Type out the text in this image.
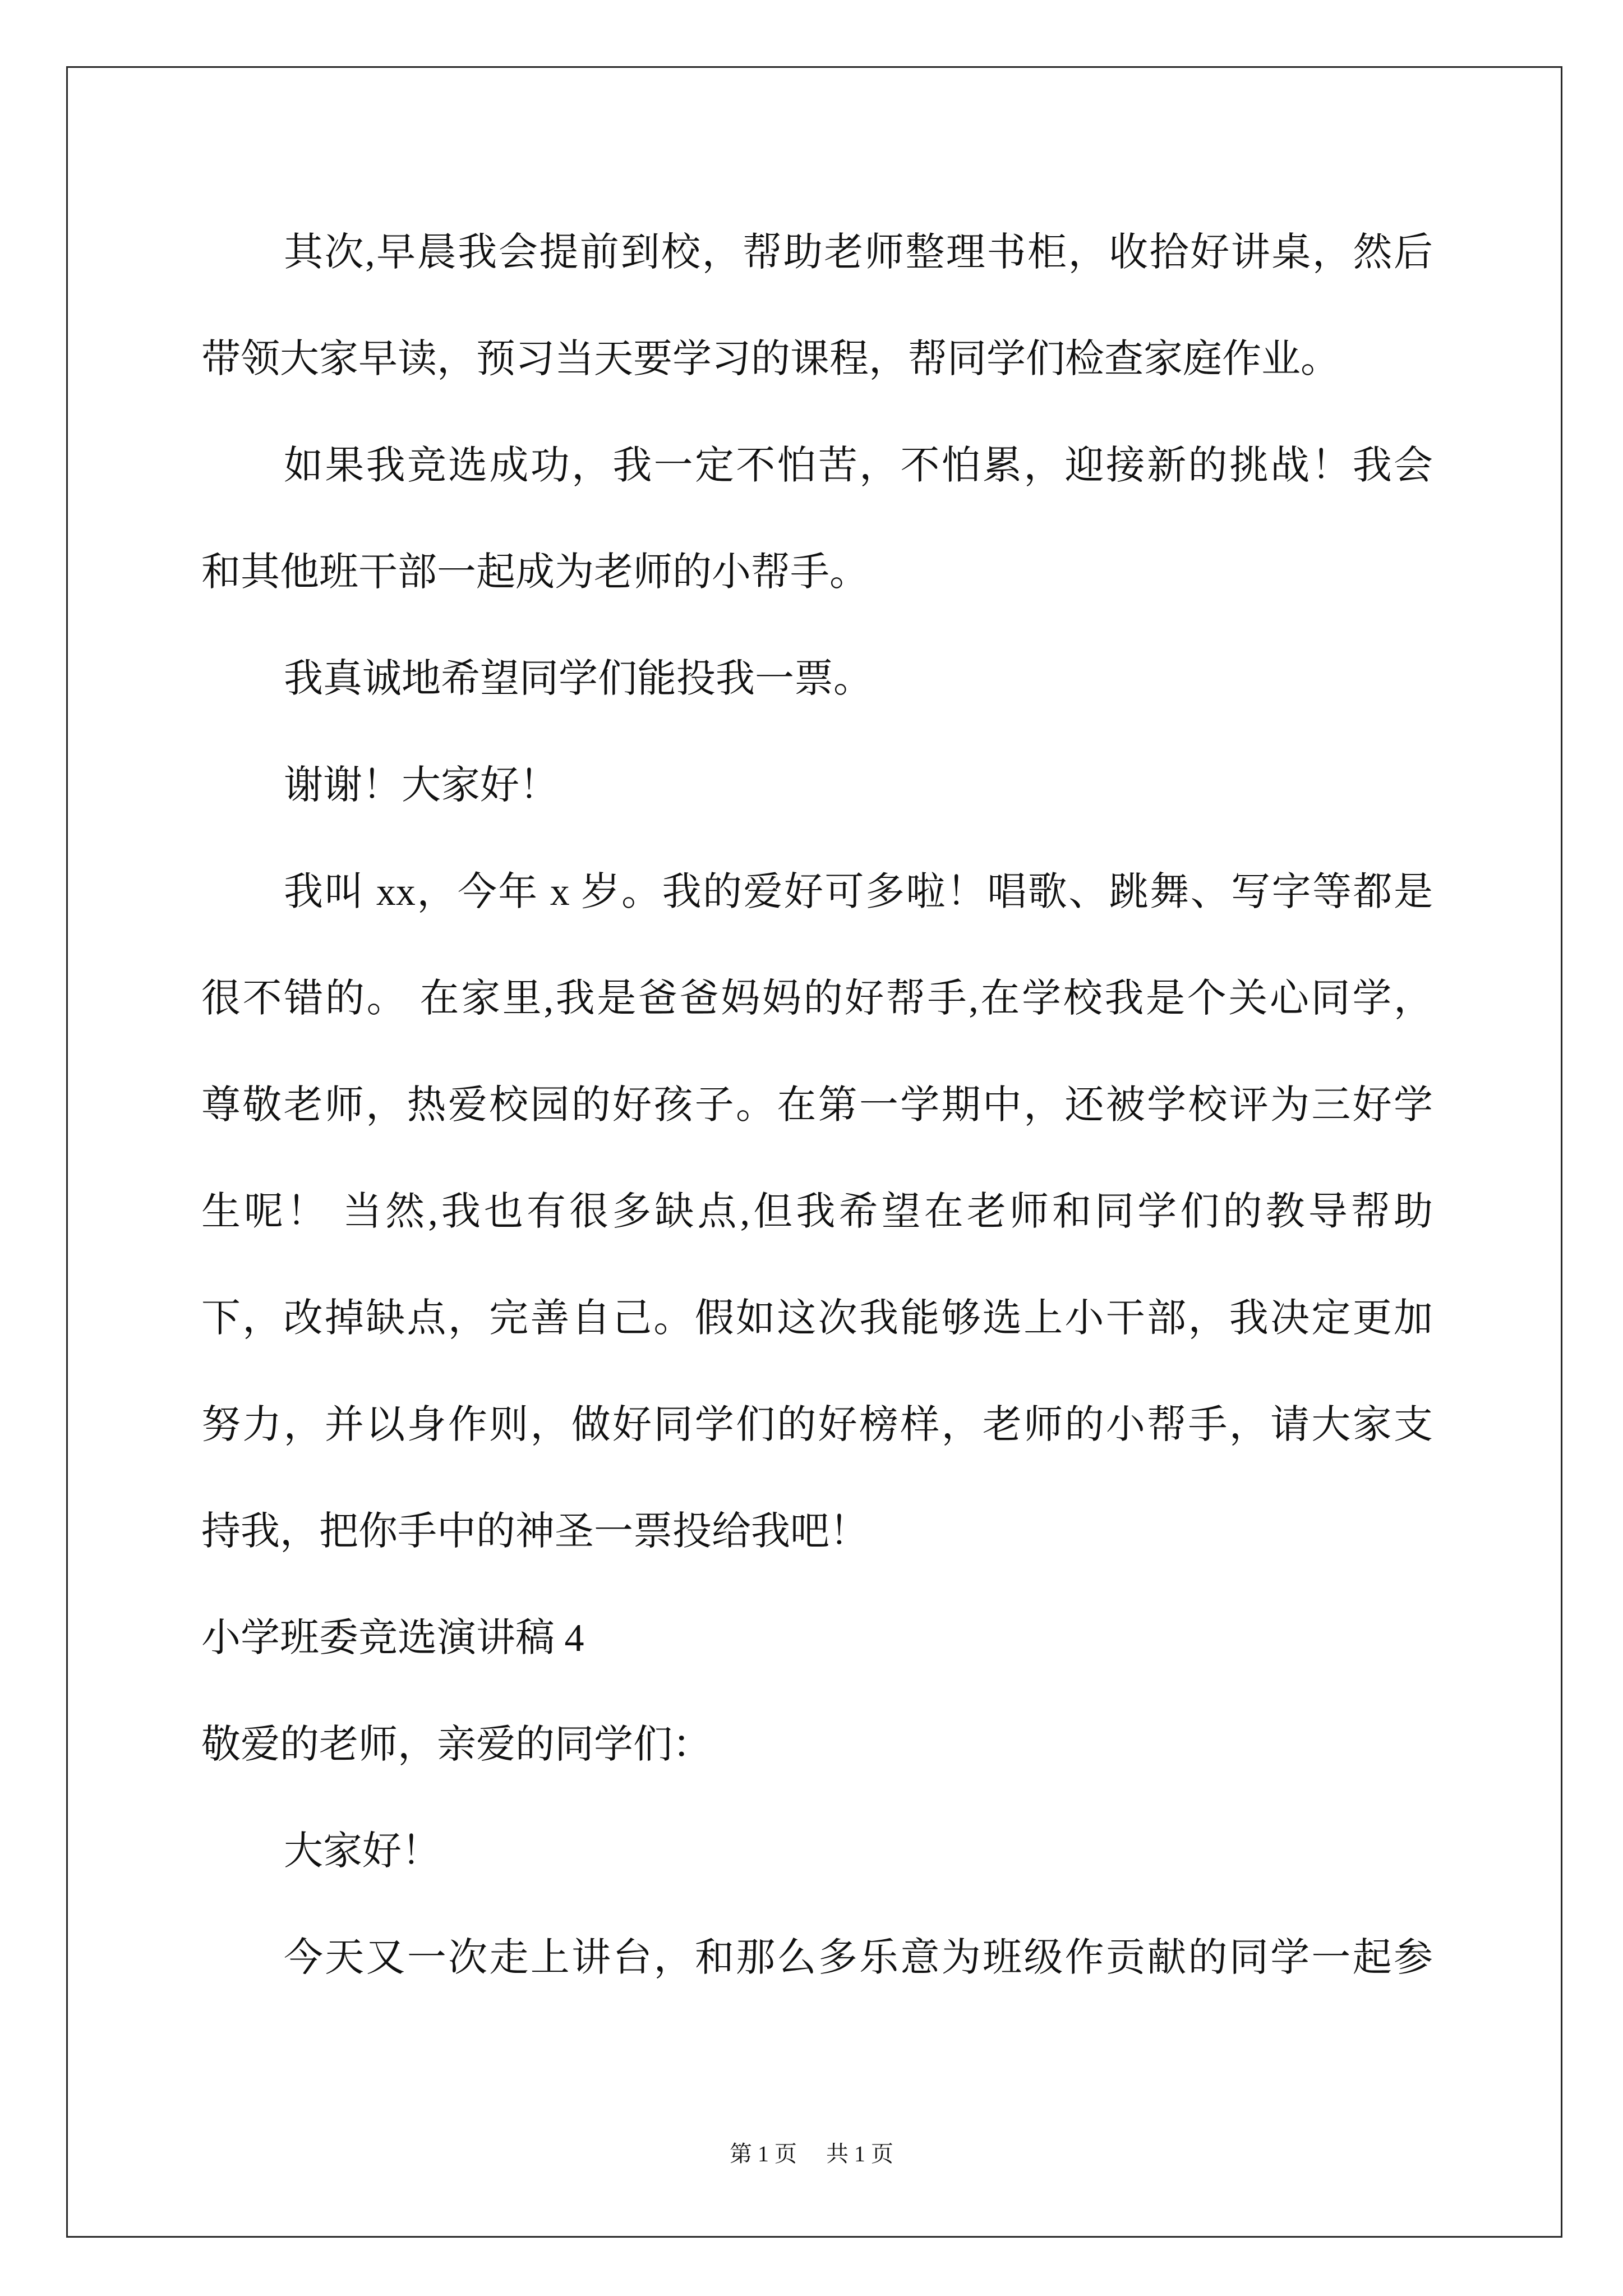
其次,早晨我会提前到校，帮助老师整理书柜，收拾好讲桌，然后
带领大家早读，预习当天要学习的课程，帮同学们检查家庭作业。
如果我竞选成功，我一定不怕苦，不怕累，迎接新的挑战！我会
和其他班干部一起成为老师的小帮手。
我真诚地希望同学们能投我一票。
谢谢！大家好！
我叫 xx，今年 x 岁。我的爱好可多啦！唱歌、跳舞、写字等都是
很不错的。 在家里,我是爸爸妈妈的好帮手,在学校我是个关心同学，
尊敬老师，热爱校园的好孩子。在第一学期中，还被学校评为三好学
生呢！ 当然,我也有很多缺点,但我希望在老师和同学们的教导帮助
下，改掉缺点，完善自己。假如这次我能够选上小干部，我决定更加
努力，并以身作则，做好同学们的好榜样，老师的小帮手，请大家支
持我，把你手中的神圣一票投给我吧！
小学班委竞选演讲稿 4
敬爱的老师，亲爱的同学们：
大家好！
今天又一次走上讲台，和那么多乐意为班级作贡献的同学一起参
第 1 页 共 1 页
